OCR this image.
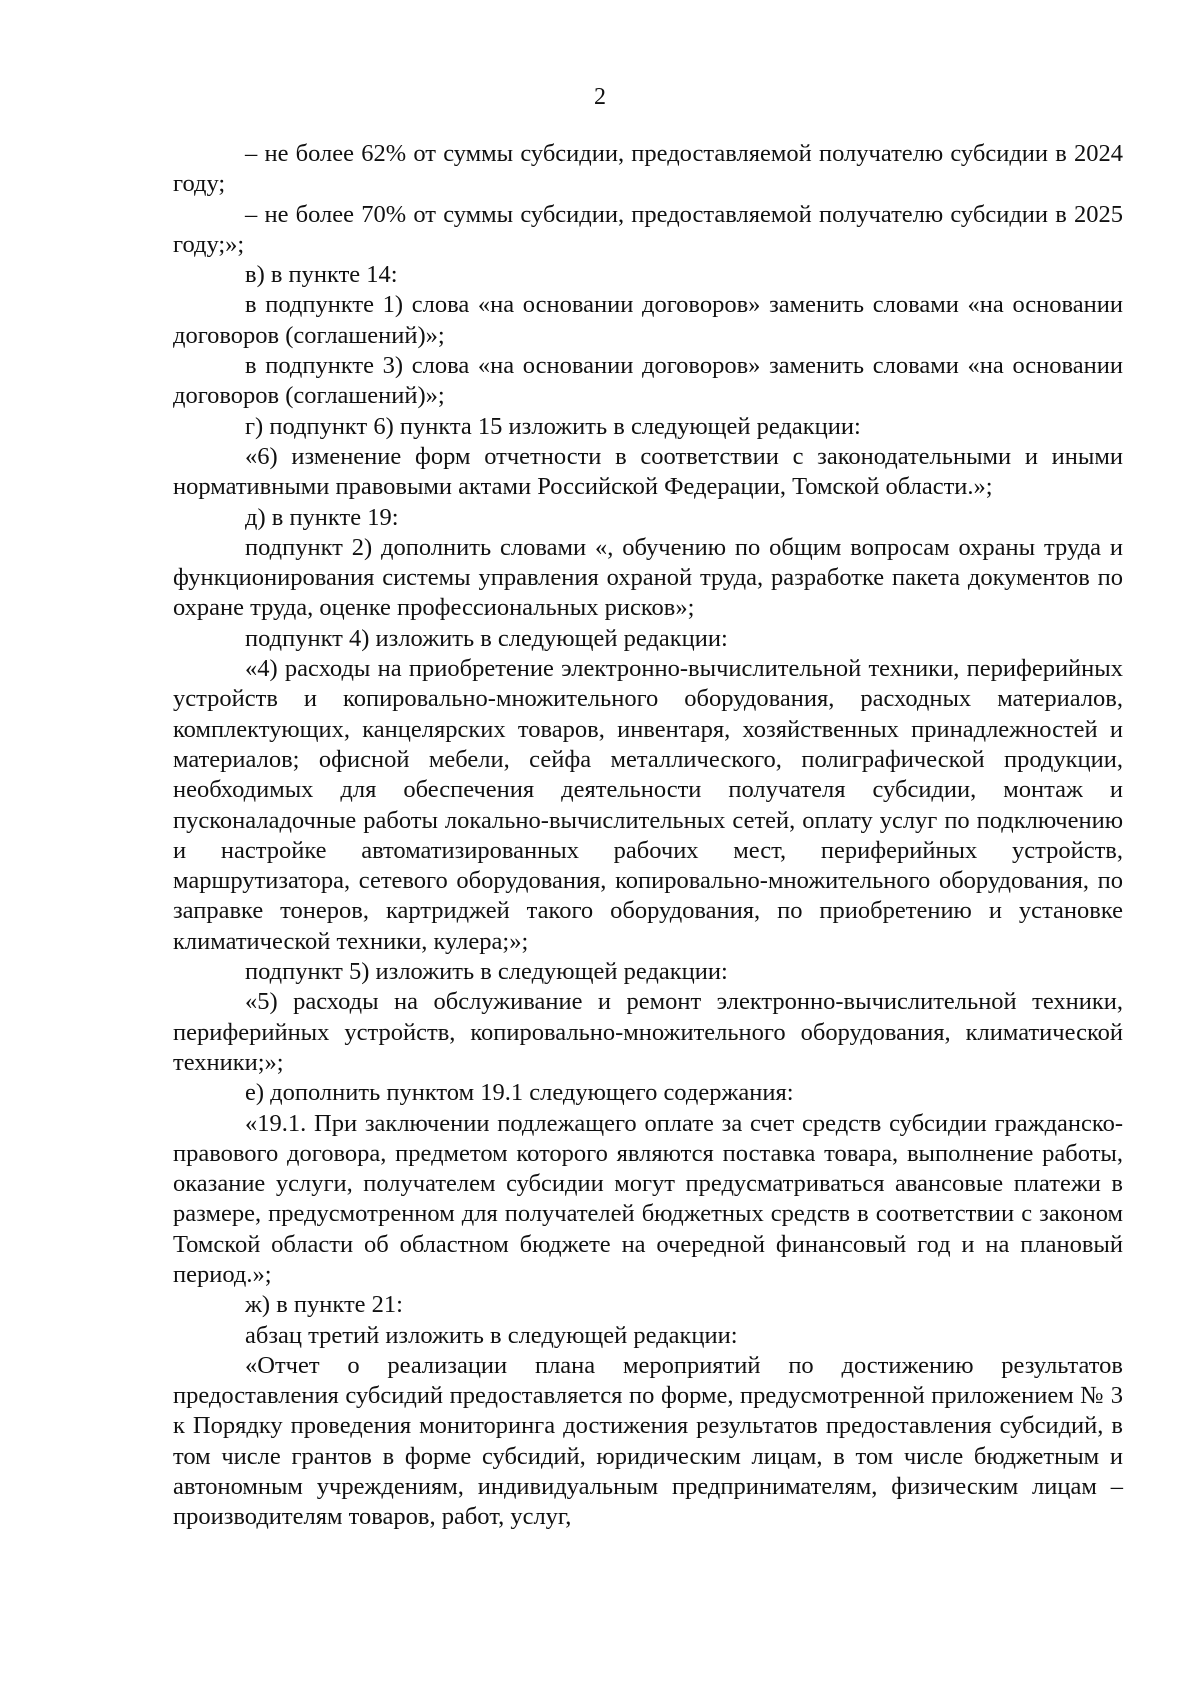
2

– не более 62% от суммы субсидии, предоставляемой получателю субсидии в 2024 году;

– не более 70% от суммы субсидии, предоставляемой получателю субсидии в 2025 году;»;

в) в пункте 14:

в подпункте 1) слова «на основании договоров» заменить словами «на основании договоров (соглашений)»;

в подпункте 3) слова «на основании договоров» заменить словами «на основании договоров (соглашений)»;

г) подпункт 6) пункта 15 изложить в следующей редакции:

«6) изменение форм отчетности в соответствии с законодательными и иными нормативными правовыми актами Российской Федерации, Томской области.»;

д) в пункте 19:

подпункт 2) дополнить словами «, обучению по общим вопросам охраны труда и функционирования системы управления охраной труда, разработке пакета документов по охране труда, оценке профессиональных рисков»;

подпункт 4) изложить в следующей редакции:

«4) расходы на приобретение электронно-вычислительной техники, периферийных устройств и копировально-множительного оборудования, расходных материалов, комплектующих, канцелярских товаров, инвентаря, хозяйственных принадлежностей и материалов; офисной мебели, сейфа металлического, полиграфической продукции, необходимых для обеспечения деятельности получателя субсидии, монтаж и пусконаладочные работы локально-вычислительных сетей, оплату услуг по подключению и настройке автоматизированных рабочих мест, периферийных устройств, маршрутизатора, сетевого оборудования, копировально-множительного оборудования, по заправке тонеров, картриджей такого оборудования, по приобретению и установке климатической техники, кулера;»;

подпункт 5) изложить в следующей редакции:

«5) расходы на обслуживание и ремонт электронно-вычислительной техники, периферийных устройств, копировально-множительного оборудования, климатической техники;»;

е) дополнить пунктом 19.1 следующего содержания:

«19.1. При заключении подлежащего оплате за счет средств субсидии гражданско-правового договора, предметом которого являются поставка товара, выполнение работы, оказание услуги, получателем субсидии могут предусматриваться авансовые платежи в размере, предусмотренном для получателей бюджетных средств в соответствии с законом Томской области об областном бюджете на очередной финансовый год и на плановый период.»;

ж) в пункте 21:

абзац третий изложить в следующей редакции:

«Отчет о реализации плана мероприятий по достижению результатов предоставления субсидий предоставляется по форме, предусмотренной приложением № 3 к Порядку проведения мониторинга достижения результатов предоставления субсидий, в том числе грантов в форме субсидий, юридическим лицам, в том числе бюджетным и автономным учреждениям, индивидуальным предпринимателям, физическим лицам – производителям товаров, работ, услуг,
